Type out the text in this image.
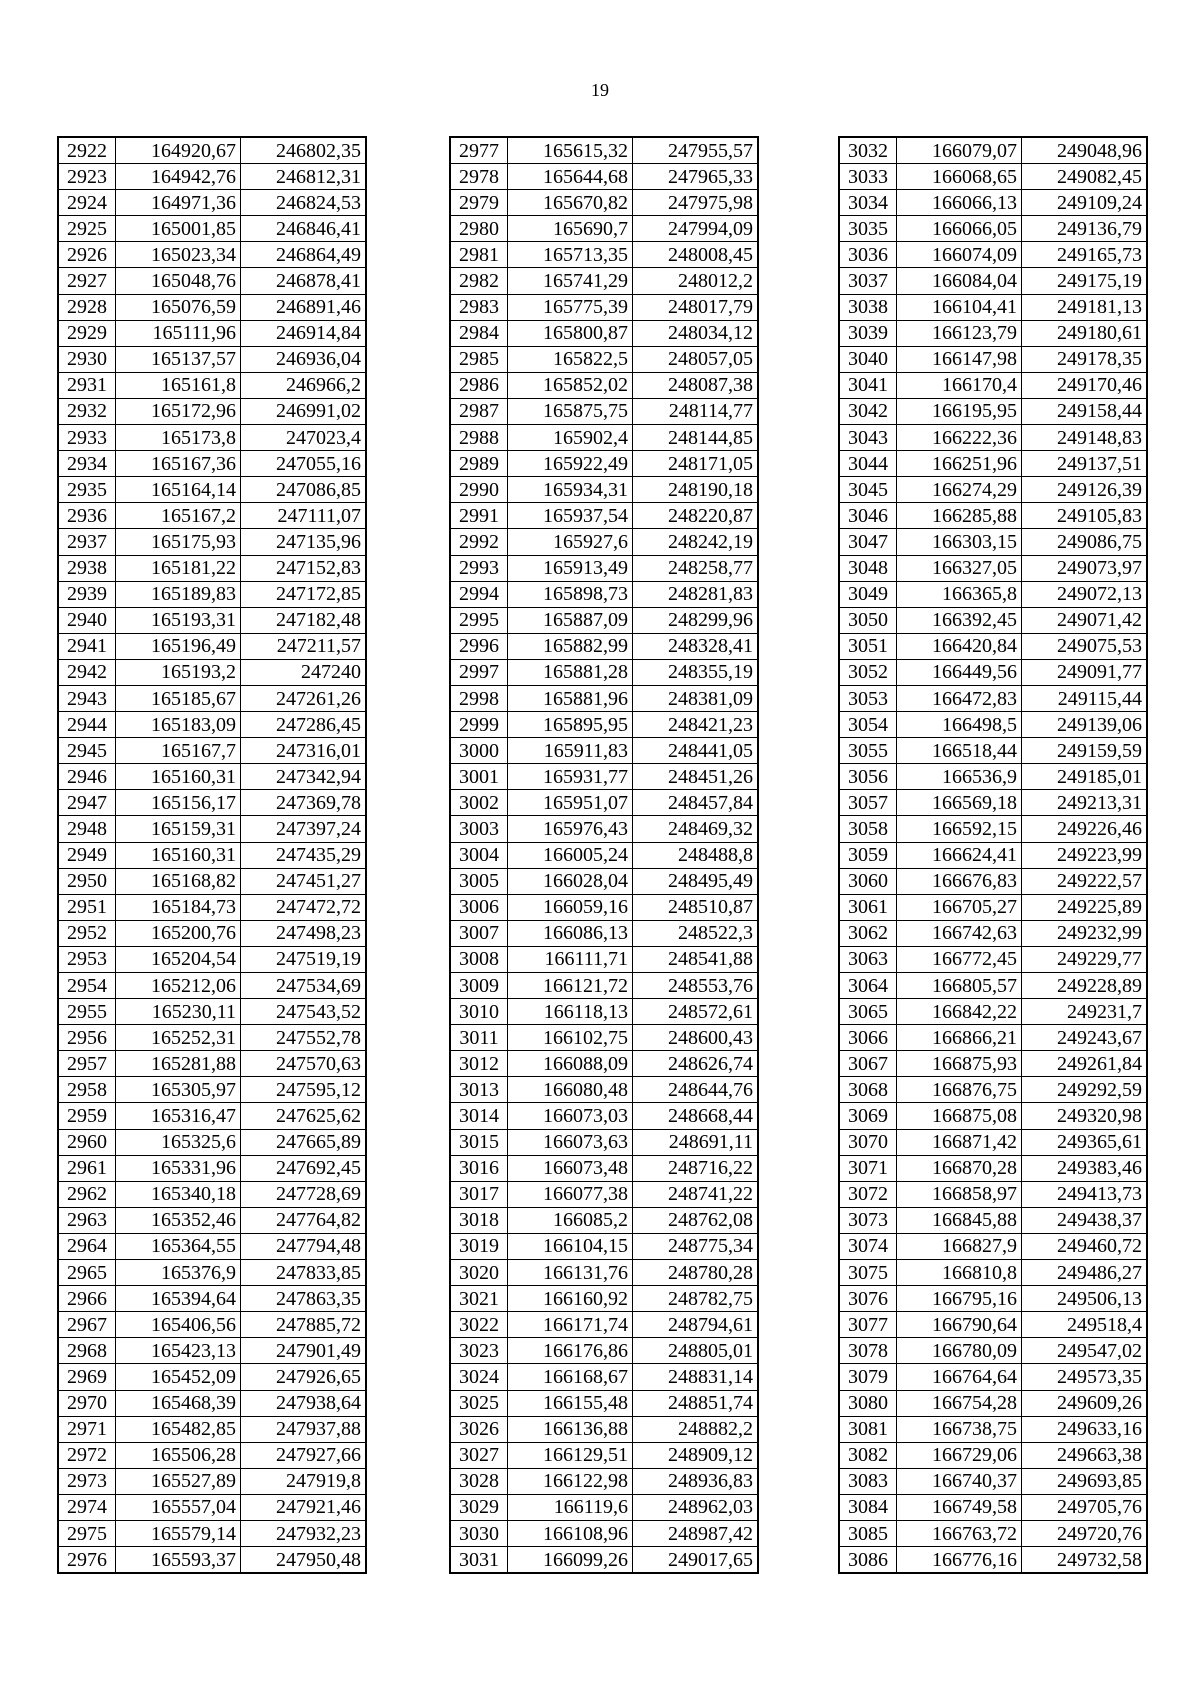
19
2922	164920,67	246802,35
2923	164942,76	246812,31
2924	164971,36	246824,53
2925	165001,85	246846,41
2926	165023,34	246864,49
2927	165048,76	246878,41
2928	165076,59	246891,46
2929	165111,96	246914,84
2930	165137,57	246936,04
2931	165161,8	246966,2
2932	165172,96	246991,02
2933	165173,8	247023,4
2934	165167,36	247055,16
2935	165164,14	247086,85
2936	165167,2	247111,07
2937	165175,93	247135,96
2938	165181,22	247152,83
2939	165189,83	247172,85
2940	165193,31	247182,48
2941	165196,49	247211,57
2942	165193,2	247240
2943	165185,67	247261,26
2944	165183,09	247286,45
2945	165167,7	247316,01
2946	165160,31	247342,94
2947	165156,17	247369,78
2948	165159,31	247397,24
2949	165160,31	247435,29
2950	165168,82	247451,27
2951	165184,73	247472,72
2952	165200,76	247498,23
2953	165204,54	247519,19
2954	165212,06	247534,69
2955	165230,11	247543,52
2956	165252,31	247552,78
2957	165281,88	247570,63
2958	165305,97	247595,12
2959	165316,47	247625,62
2960	165325,6	247665,89
2961	165331,96	247692,45
2962	165340,18	247728,69
2963	165352,46	247764,82
2964	165364,55	247794,48
2965	165376,9	247833,85
2966	165394,64	247863,35
2967	165406,56	247885,72
2968	165423,13	247901,49
2969	165452,09	247926,65
2970	165468,39	247938,64
2971	165482,85	247937,88
2972	165506,28	247927,66
2973	165527,89	247919,8
2974	165557,04	247921,46
2975	165579,14	247932,23
2976	165593,37	247950,48
2977	165615,32	247955,57
2978	165644,68	247965,33
2979	165670,82	247975,98
2980	165690,7	247994,09
2981	165713,35	248008,45
2982	165741,29	248012,2
2983	165775,39	248017,79
2984	165800,87	248034,12
2985	165822,5	248057,05
2986	165852,02	248087,38
2987	165875,75	248114,77
2988	165902,4	248144,85
2989	165922,49	248171,05
2990	165934,31	248190,18
2991	165937,54	248220,87
2992	165927,6	248242,19
2993	165913,49	248258,77
2994	165898,73	248281,83
2995	165887,09	248299,96
2996	165882,99	248328,41
2997	165881,28	248355,19
2998	165881,96	248381,09
2999	165895,95	248421,23
3000	165911,83	248441,05
3001	165931,77	248451,26
3002	165951,07	248457,84
3003	165976,43	248469,32
3004	166005,24	248488,8
3005	166028,04	248495,49
3006	166059,16	248510,87
3007	166086,13	248522,3
3008	166111,71	248541,88
3009	166121,72	248553,76
3010	166118,13	248572,61
3011	166102,75	248600,43
3012	166088,09	248626,74
3013	166080,48	248644,76
3014	166073,03	248668,44
3015	166073,63	248691,11
3016	166073,48	248716,22
3017	166077,38	248741,22
3018	166085,2	248762,08
3019	166104,15	248775,34
3020	166131,76	248780,28
3021	166160,92	248782,75
3022	166171,74	248794,61
3023	166176,86	248805,01
3024	166168,67	248831,14
3025	166155,48	248851,74
3026	166136,88	248882,2
3027	166129,51	248909,12
3028	166122,98	248936,83
3029	166119,6	248962,03
3030	166108,96	248987,42
3031	166099,26	249017,65
3032	166079,07	249048,96
3033	166068,65	249082,45
3034	166066,13	249109,24
3035	166066,05	249136,79
3036	166074,09	249165,73
3037	166084,04	249175,19
3038	166104,41	249181,13
3039	166123,79	249180,61
3040	166147,98	249178,35
3041	166170,4	249170,46
3042	166195,95	249158,44
3043	166222,36	249148,83
3044	166251,96	249137,51
3045	166274,29	249126,39
3046	166285,88	249105,83
3047	166303,15	249086,75
3048	166327,05	249073,97
3049	166365,8	249072,13
3050	166392,45	249071,42
3051	166420,84	249075,53
3052	166449,56	249091,77
3053	166472,83	249115,44
3054	166498,5	249139,06
3055	166518,44	249159,59
3056	166536,9	249185,01
3057	166569,18	249213,31
3058	166592,15	249226,46
3059	166624,41	249223,99
3060	166676,83	249222,57
3061	166705,27	249225,89
3062	166742,63	249232,99
3063	166772,45	249229,77
3064	166805,57	249228,89
3065	166842,22	249231,7
3066	166866,21	249243,67
3067	166875,93	249261,84
3068	166876,75	249292,59
3069	166875,08	249320,98
3070	166871,42	249365,61
3071	166870,28	249383,46
3072	166858,97	249413,73
3073	166845,88	249438,37
3074	166827,9	249460,72
3075	166810,8	249486,27
3076	166795,16	249506,13
3077	166790,64	249518,4
3078	166780,09	249547,02
3079	166764,64	249573,35
3080	166754,28	249609,26
3081	166738,75	249633,16
3082	166729,06	249663,38
3083	166740,37	249693,85
3084	166749,58	249705,76
3085	166763,72	249720,76
3086	166776,16	249732,58
